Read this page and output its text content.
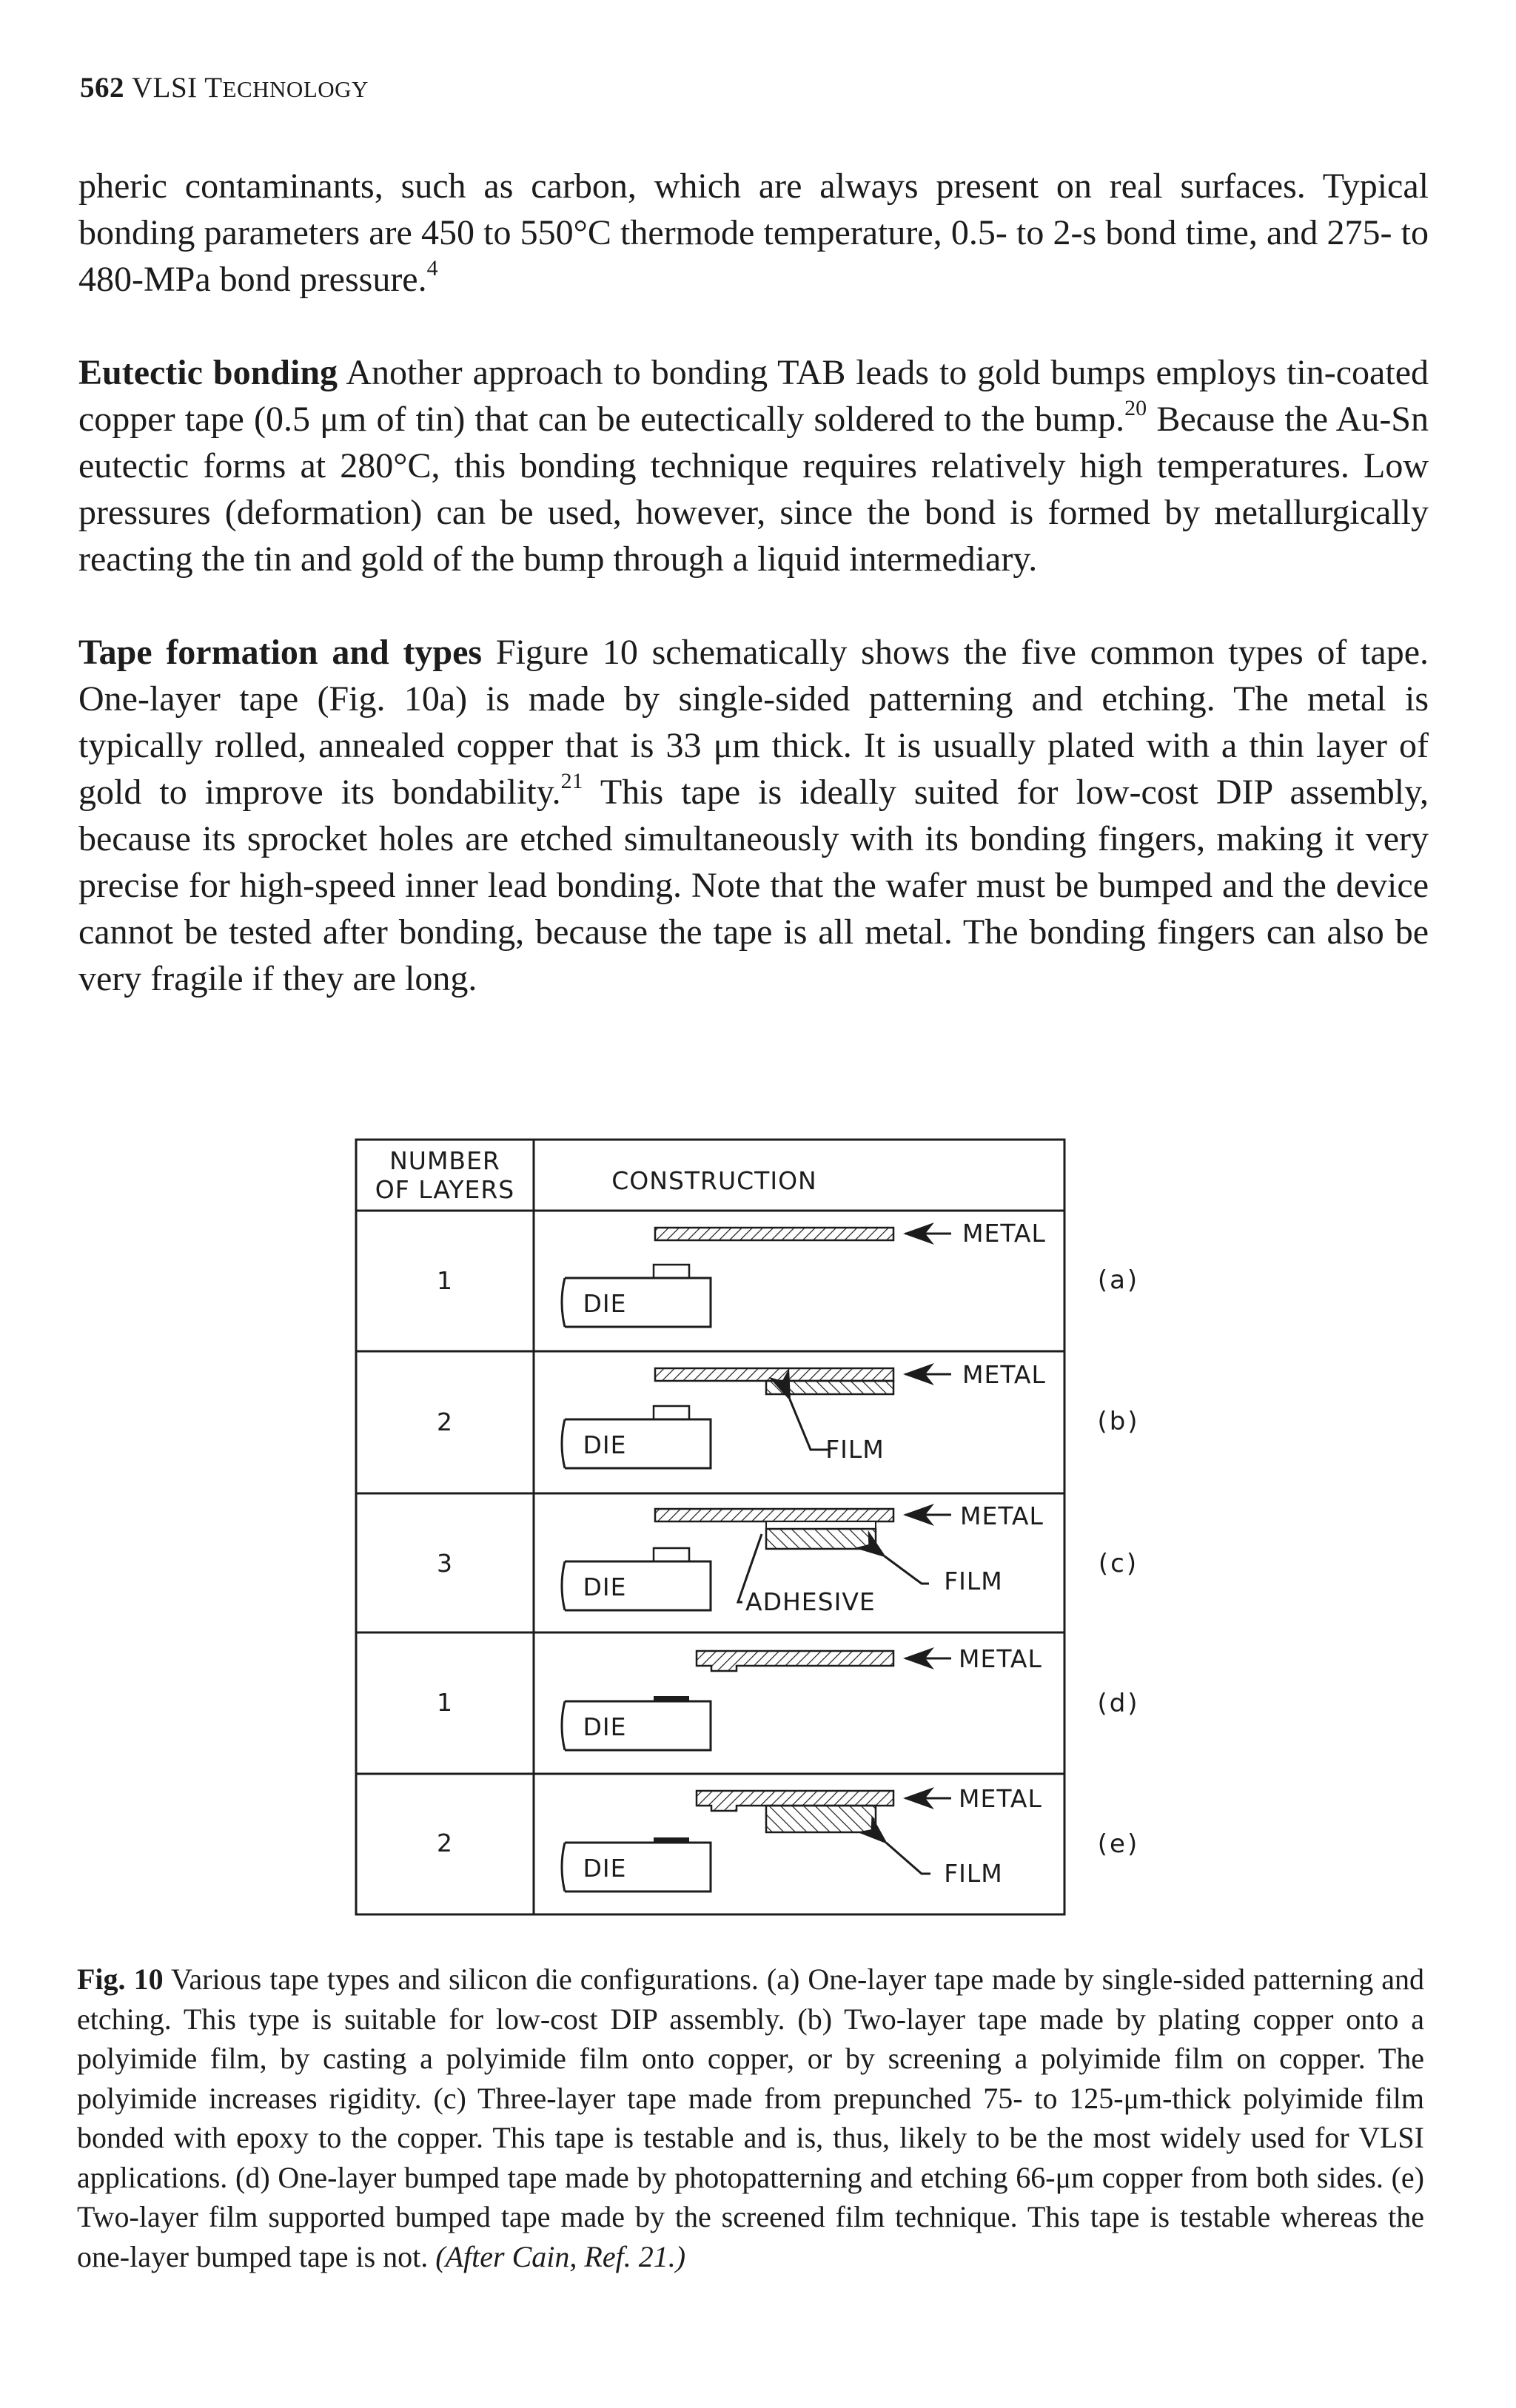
562 VLSI TECHNOLOGY

pheric contaminants, such as carbon, which are always present on real surfaces. Typical bonding parameters are 450 to 550°C thermode temperature, 0.5- to 2-s bond time, and 275- to 480-MPa bond pressure.$^4$

Eutectic bonding Another approach to bonding TAB leads to gold bumps employs tin-coated copper tape (0.5 μm of tin) that can be eutectically soldered to the bump.$^{20}$ Because the Au-Sn eutectic forms at 280°C, this bonding technique requires relatively high temperatures. Low pressures (deformation) can be used, however, since the bond is formed by metallurgically reacting the tin and gold of the bump through a liquid intermediary.

Tape formation and types Figure 10 schematically shows the five common types of tape. One-layer tape (Fig. 10a) is made by single-sided patterning and etching. The metal is typically rolled, annealed copper that is 33 μm thick. It is usually plated with a thin layer of gold to improve its bondability.$^{21}$ This tape is ideally suited for low-cost DIP assembly, because its sprocket holes are etched simultaneously with its bonding fingers, making it very precise for high-speed inner lead bonding. Note that the wafer must be bumped and the device cannot be tested after bonding, because the tape is all metal. The bonding fingers can also be very fragile if they are long.

NUMBER
OF LAYERS	CONSTRUCTION
1
METAL
DIE
(a)
2
METAL
FILM
DIE
(b)
3
METAL
FILM
ADHESIVE
DIE
(c)
1
METAL
DIE
(d)
2
METAL
FILM
DIE
(e)
Fig. 10 Various tape types and silicon die configurations. (a) One-layer tape made by single-sided patterning and etching. This type is suitable for low-cost DIP assembly. (b) Two-layer tape made by plating copper onto a polyimide film, by casting a polyimide film onto copper, or by screening a polyimide film on copper. The polyimide increases rigidity. (c) Three-layer tape made from prepunched 75- to 125-μm-thick polyimide film bonded with epoxy to the copper. This tape is testable and is, thus, likely to be the most widely used for VLSI applications. (d) One-layer bumped tape made by photopatterning and etching 66-μm copper from both sides. (e) Two-layer film supported bumped tape made by the screened film technique. This tape is testable whereas the one-layer bumped tape is not. (After Cain, Ref. 21.)
